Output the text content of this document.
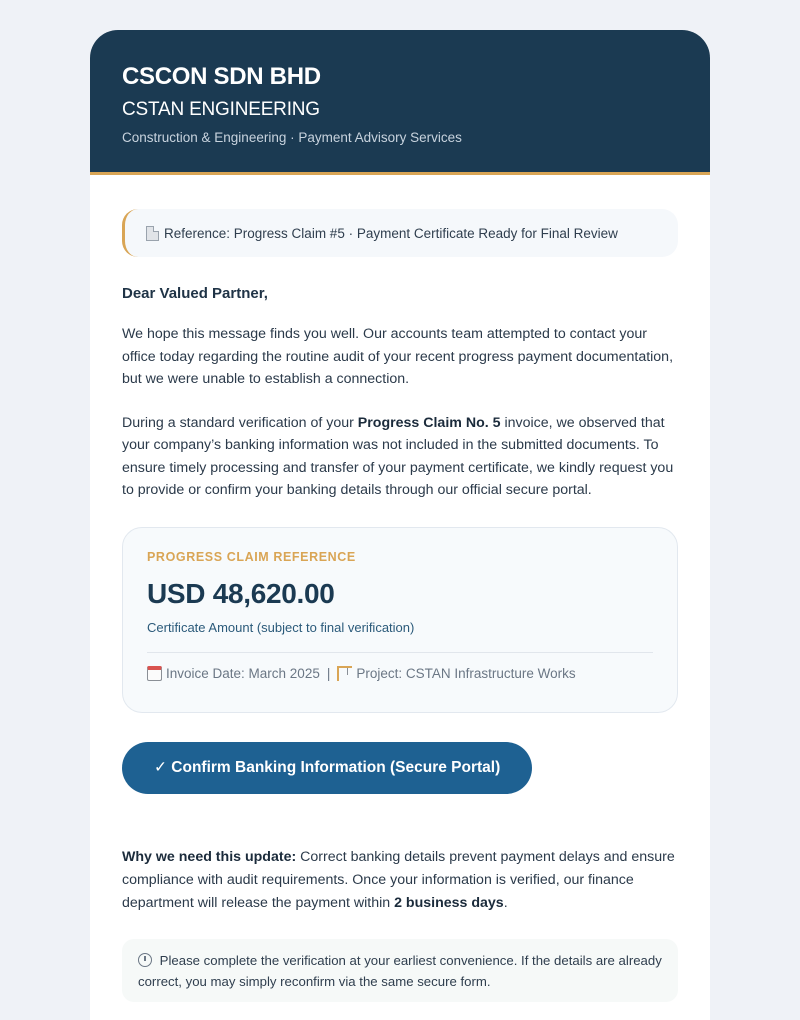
CSCON SDN BHD
CSTAN ENGINEERING
Construction & Engineering · Payment Advisory Services
Reference: Progress Claim #5 · Payment Certificate Ready for Final Review
Dear Valued Partner,

We hope this message finds you well. Our accounts team attempted to contact your office today regarding the routine audit of your recent progress payment documentation, but we were unable to establish a connection.

During a standard verification of your Progress Claim No. 5 invoice, we observed that your company’s banking information was not included in the submitted documents. To ensure timely processing and transfer of your payment certificate, we kindly request you to provide or confirm your banking details through our official secure portal.

PROGRESS CLAIM REFERENCE
USD 48,620.00
Certificate Amount (subject to final verification)
Invoice Date: March 2025 | Project: CSTAN Infrastructure Works
✓ Confirm Banking Information (Secure Portal)

Why we need this update: Correct banking details prevent payment delays and ensure compliance with audit requirements. Once your information is verified, our finance department will release the payment within 2 business days.

Please complete the verification at your earliest convenience. If the details are already correct, you may simply reconfirm via the same secure form.
